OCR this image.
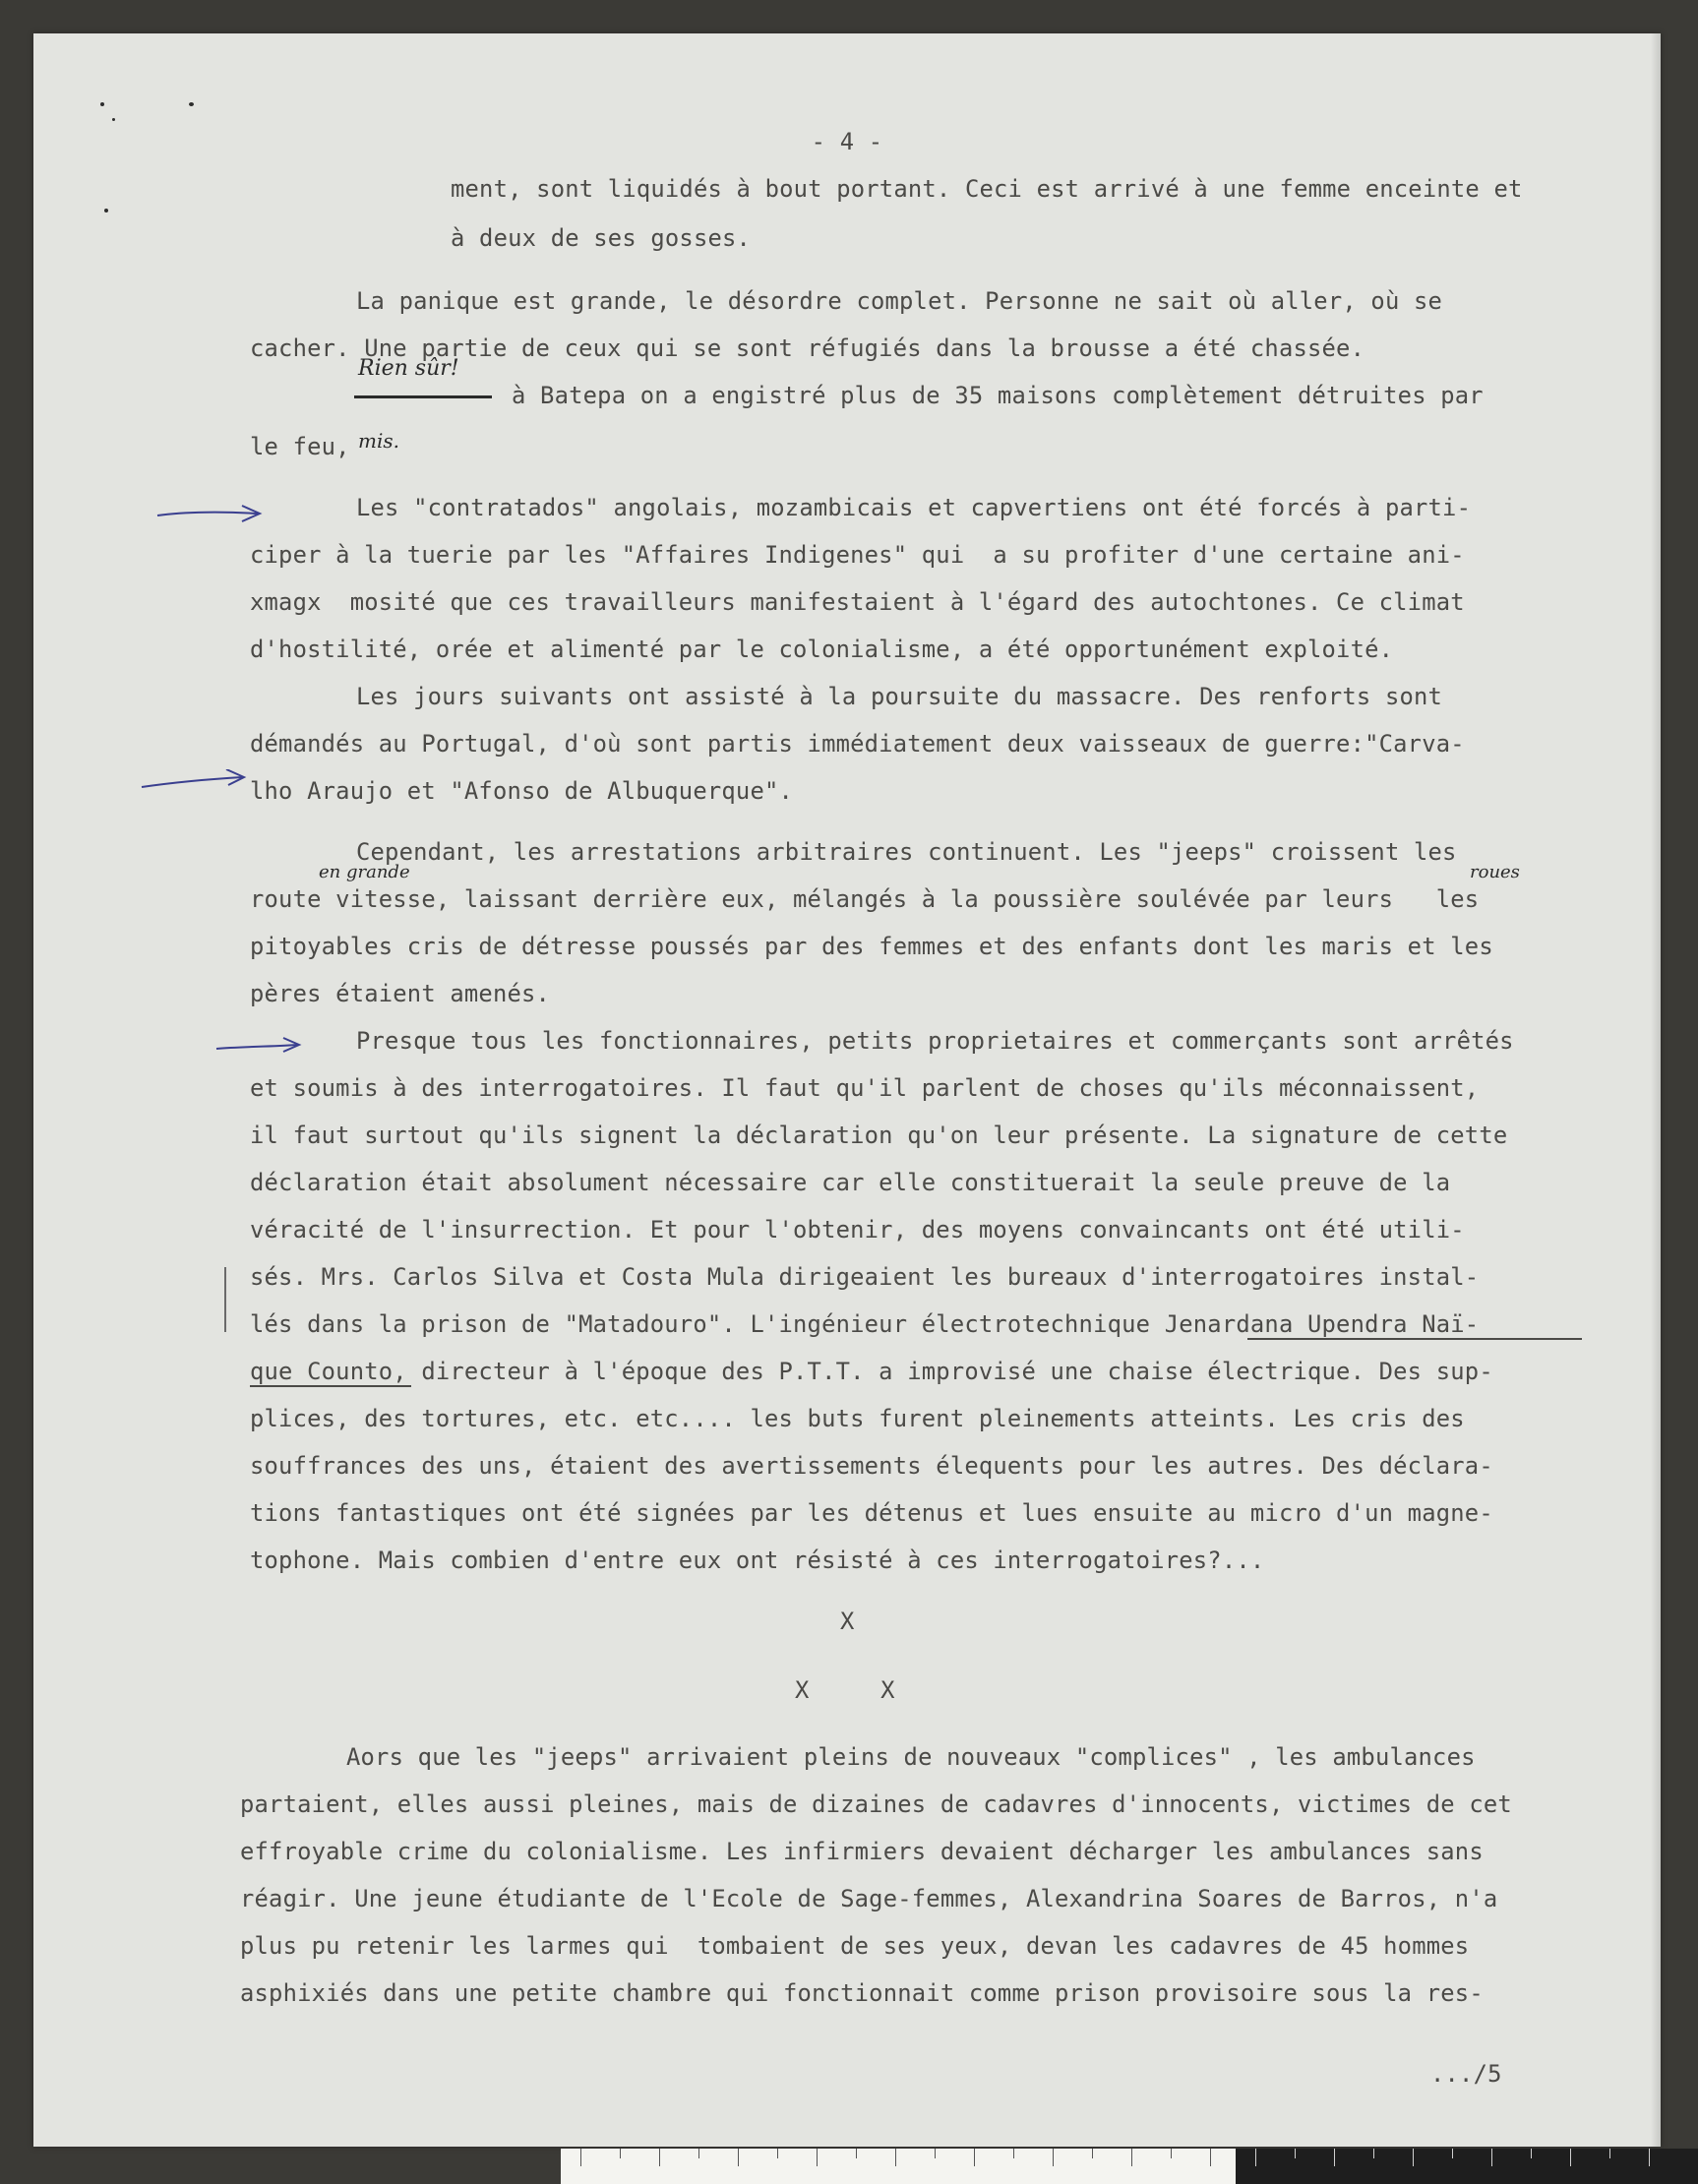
- 4 -
ment, sont liquidés à bout portant. Ceci est arrivé à une femme enceinte et
à deux de ses gosses.
La panique est grande, le désordre complet. Personne ne sait où aller, où se
cacher. Une partie de ceux qui se sont réfugiés dans la brousse a été chassée.
à Batepa on a engistré plus de 35 maisons complètement détruites par
le feu,
Rien sûr!
mis.
Les "contratados" angolais, mozambicais et capvertiens ont été forcés à parti-
ciper à la tuerie par les "Affaires Indigenes" qui  a su profiter d'une certaine ani-
xmagx  mosité que ces travailleurs manifestaient à l'égard des autochtones. Ce climat
d'hostilité, orée et alimenté par le colonialisme, a été opportunément exploité.
Les jours suivants ont assisté à la poursuite du massacre. Des renforts sont
démandés au Portugal, d'où sont partis immédiatement deux vaisseaux de guerre:"Carva-
lho Araujo et "Afonso de Albuquerque".
Cependant, les arrestations arbitraires continuent. Les "jeeps" croissent les
en grande	roues
route vitesse, laissant derrière eux, mélangés à la poussière soulévée par leurs   les
pitoyables cris de détresse poussés par des femmes et des enfants dont les maris et les
pères étaient amenés.
Presque tous les fonctionnaires, petits proprietaires et commerçants sont arrêtés
et soumis à des interrogatoires. Il faut qu'il parlent de choses qu'ils méconnaissent,
il faut surtout qu'ils signent la déclaration qu'on leur présente. La signature de cette
déclaration était absolument nécessaire car elle constituerait la seule preuve de la
véracité de l'insurrection. Et pour l'obtenir, des moyens convaincants ont été utili-
sés. Mrs. Carlos Silva et Costa Mula dirigeaient les bureaux d'interrogatoires instal-
lés dans la prison de "Matadouro". L'ingénieur électrotechnique Jenardana Upendra Naï-
que Counto, directeur à l'époque des P.T.T. a improvisé une chaise électrique. Des sup-
plices, des tortures, etc. etc.... les buts furent pleinements atteints. Les cris des
souffrances des uns, étaient des avertissements élequents pour les autres. Des déclara-
tions fantastiques ont été signées par les détenus et lues ensuite au micro d'un magne-
tophone. Mais combien d'entre eux ont résisté à ces interrogatoires?...
X
X     X
Aors que les "jeeps" arrivaient pleins de nouveaux "complices" , les ambulances
partaient, elles aussi pleines, mais de dizaines de cadavres d'innocents, victimes de cet
effroyable crime du colonialisme. Les infirmiers devaient décharger les ambulances sans
réagir. Une jeune étudiante de l'Ecole de Sage-femmes, Alexandrina Soares de Barros, n'a
plus pu retenir les larmes qui  tombaient de ses yeux, devan les cadavres de 45 hommes
asphixiés dans une petite chambre qui fonctionnait comme prison provisoire sous la res-
.../5
